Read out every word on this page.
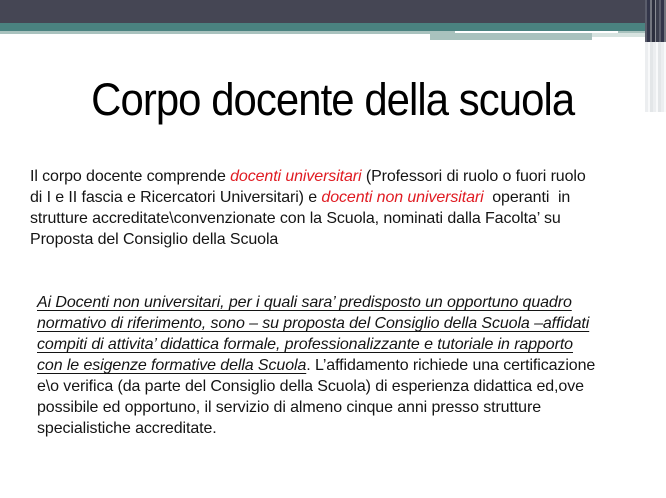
Corpo docente della scuola
Il corpo docente comprende docenti universitari (Professori di ruolo o fuori ruolo
di I e II fascia e Ricercatori Universitari) e docenti non universitari  operanti  in
strutture accreditate\convenzionate con la Scuola, nominati dalla Facolta’ su
Proposta del Consiglio della Scuola
Ai Docenti non universitari, per i quali sara’ predisposto un opportuno quadro
normativo di riferimento, sono – su proposta del Consiglio della Scuola –affidati
compiti di attivita’ didattica formale, professionalizzante e tutoriale in rapporto
con le esigenze formative della Scuola. L’affidamento richiede una certificazione
e\o verifica (da parte del Consiglio della Scuola) di esperienza didattica ed,ove
possibile ed opportuno, il servizio di almeno cinque anni presso strutture
specialistiche accreditate.
